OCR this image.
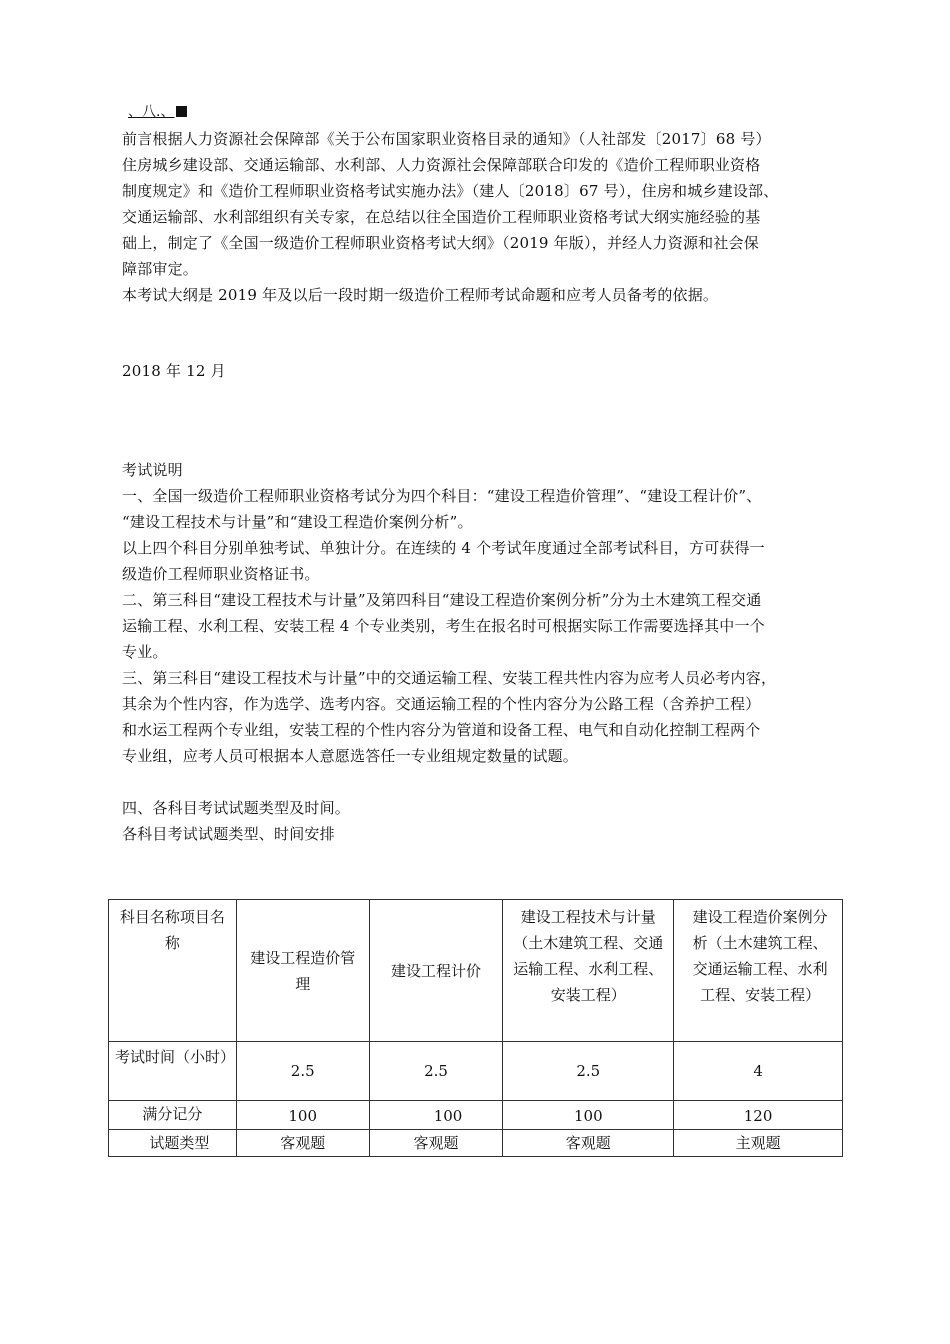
、八.、
前言根据人力资源社会保障部《关于公布国家职业资格目录的通知》（人社部发〔2017〕68 号）
住房城乡建设部、交通运输部、水利部、人力资源社会保障部联合印发的《造价工程师职业资格
制度规定》和《造价工程师职业资格考试实施办法》（建人〔2018〕67 号），住房和城乡建设部、
交通运输部、水利部组织有关专家，在总结以往全国造价工程师职业资格考试大纲实施经验的基
础上，制定了《全国一级造价工程师职业资格考试大纲》（2019 年版），并经人力资源和社会保
障部审定。
本考试大纲是 2019 年及以后一段时期一级造价工程师考试命题和应考人员备考的依据。
2018 年 12 月
考试说明
一、全国一级造价工程师职业资格考试分为四个科目：“建设工程造价管理”、“建设工程计价”、
“建设工程技术与计量”和“建设工程造价案例分析”。
以上四个科目分别单独考试、单独计分。在连续的 4 个考试年度通过全部考试科目，方可获得一
级造价工程师职业资格证书。
二、第三科目“建设工程技术与计量”及第四科目“建设工程造价案例分析”分为土木建筑工程交通
运输工程、水利工程、安装工程 4 个专业类别，考生在报名时可根据实际工作需要选择其中一个
专业。
三、第三科目“建设工程技术与计量”中的交通运输工程、安装工程共性内容为应考人员必考内容，
其余为个性内容，作为选学、选考内容。交通运输工程的个性内容分为公路工程（含养护工程）
和水运工程两个专业组，安装工程的个性内容分为管道和设备工程、电气和自动化控制工程两个
专业组，应考人员可根据本人意愿选答任一专业组规定数量的试题。
四、各科目考试试题类型及时间。
各科目考试试题类型、时间安排
科目名称项目名称	建设工程造价管理	建设工程计价	建设工程技术与计量（土木建筑工程、交通运输工程、水利工程、安装工程）	建设工程造价案例分析（土木建筑工程、交通运输工程、水利工程、安装工程）
考试时间（小时）	2.5	2.5	2.5	4
满分记分	100	100	100	120
试题类型	客观题	客观题	客观题	主观题
